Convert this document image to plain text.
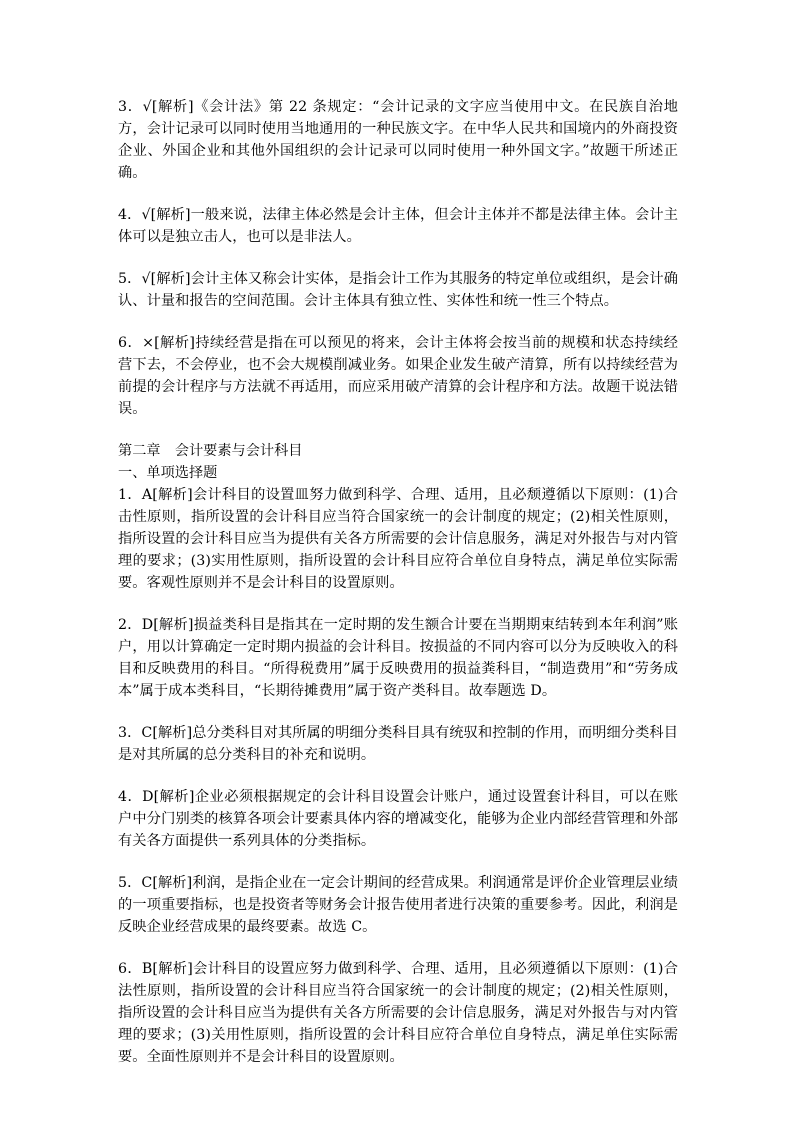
3．√[解析]《会计法》第 22 条规定：“会计记录的文字应当使用中文。在民族自治地方，会计记录可以同时使用当地通用的一种民族文字。在中华人民共和国境内的外商投资企业、外国企业和其他外国组织的会计记录可以同时使用一种外国文字。”故题干所述正确。

4．√[解析]一般来说，法律主体必然是会计主体，但会计主体并不都是法律主体。会计主体可以是独立击人，也可以是非法人。

5．√[解析]会计主体又称会计实体，是指会计工作为其服务的特定单位或组织，是会计确认、计量和报告的空间范围。会计主体具有独立性、实体性和统一性三个特点。

6．×[解析]持续经营是指在可以预见的将来，会计主体将会按当前的规模和状态持续经营下去，不会停业，也不会大规模削减业务。如果企业发生破产清算，所有以持续经营为前提的会计程序与方法就不再适用，而应采用破产清算的会计程序和方法。故题干说法错误。

第二章　会计要素与会计科目
一、单项选择题

1．A[解析]会计科目的设置皿努力做到科学、合理、适用，且必颓遵循以下原则：(1)合击性原则，指所设置的会计科目应当符合国家统一的会计制度的规定；(2)相关性原则，指所设置的会计科目应当为提供有关各方所需要的会计信息服务，满足对外报告与对内管理的要求；(3)实用性原则，指所设置的会计科目应符合单位自身特点，满足单位实际需要。客观性原则并不是会计科目的设置原则。

2．D[解析]损益类科目是指其在一定时期的发生额合计要在当期期束结转到本年利润”账户，用以计算确定一定时期内损益的会计科目。按损益的不同内容可以分为反映收入的科目和反映费用的科目。“所得税费用”属于反映费用的损益粪科目，“制造费用”和“劳务成本”属于成本类科目，“长期待摊费用”属于资产类科目。故奉题选 D。

3．C[解析]总分类科目对其所属的明细分类科目具有统驭和控制的作用，而明细分类科目是对其所属的总分类科目的补充和说明。

4．D[解析]企业必须根据规定的会计科目设置会计账户，通过设置套计科目，可以在账户中分门别类的核算各项会计要素具体内容的增减变化，能够为企业内部经营管理和外部有关各方面提供一系列具体的分类指标。

5．C[解析]利润，是指企业在一定会计期间的经营成果。利润通常是评价企业管理层业绩的一项重要指标，也是投资者等财务会计报告使用者进行决策的重要参考。因此，利润是反映企业经营成果的最终要素。故选 C。

6．B[解析]会计科目的设置应努力做到科学、合理、适用，且必须遵循以下原则：(1)合法性原则，指所设置的会计科目应当符合国家统一的会计制度的规定；(2)相关性原则，指所设置的会计科目应当为提供有关各方所需要的会计信息服务，满足对外报告与对内管理的要求；(3)关用性原则，指所设置的会计科目应符合单位自身特点，满足单住实际需要。全面性原则并不是会计科目的设置原则。
